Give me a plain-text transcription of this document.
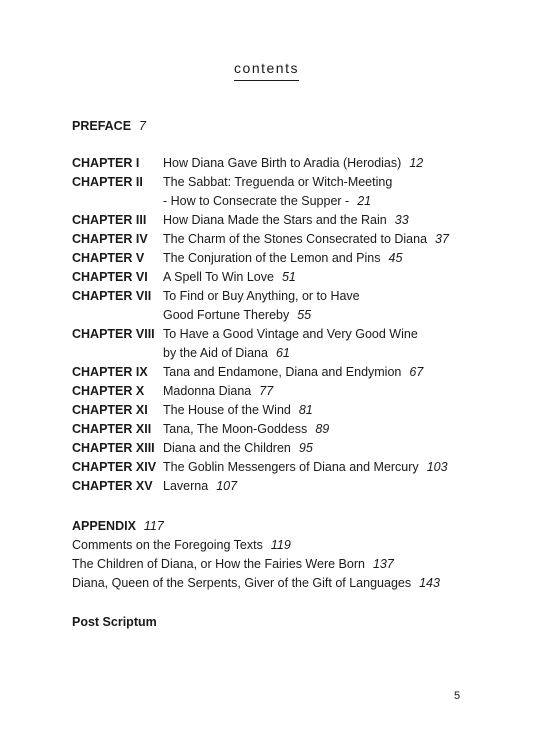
contents
PREFACE 7
CHAPTER I How Diana Gave Birth to Aradia (Herodias) 12
CHAPTER II The Sabbat: Treguenda or Witch-Meeting
- How to Consecrate the Supper - 21
CHAPTER III How Diana Made the Stars and the Rain 33
CHAPTER IV The Charm of the Stones Consecrated to Diana 37
CHAPTER V The Conjuration of the Lemon and Pins 45
CHAPTER VI A Spell To Win Love 51
CHAPTER VII To Find or Buy Anything, or to Have
Good Fortune Thereby 55
CHAPTER VIII To Have a Good Vintage and Very Good Wine
by the Aid of Diana 61
CHAPTER IX Tana and Endamone, Diana and Endymion 67
CHAPTER X Madonna Diana 77
CHAPTER XI The House of the Wind 81
CHAPTER XII Tana, The Moon-Goddess 89
CHAPTER XIII Diana and the Children 95
CHAPTER XIV The Goblin Messengers of Diana and Mercury 103
CHAPTER XV Laverna 107
APPENDIX 117
Comments on the Foregoing Texts 119
The Children of Diana, or How the Fairies Were Born 137
Diana, Queen of the Serpents, Giver of the Gift of Languages 143
Post Scriptum
5
